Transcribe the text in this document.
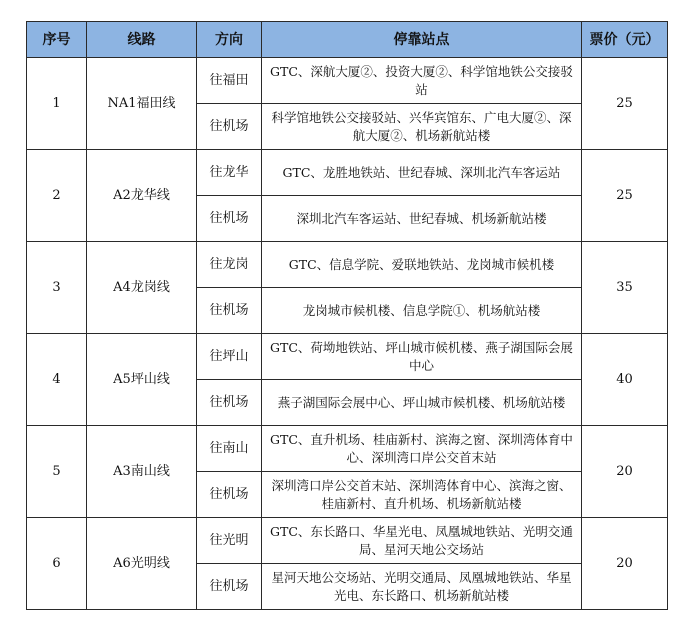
序号	线路	方向	停靠站点	票价（元）
1	NA1福田线	往福田	GTC、深航大厦②、投资大厦②、科学馆地铁公交接驳站	25
		往机场	科学馆地铁公交接驳站、兴华宾馆东、广电大厦②、深航大厦②、机场新航站楼	
2	A2龙华线	往龙华	GTC、龙胜地铁站、世纪春城、深圳北汽车客运站	25
		往机场	深圳北汽车客运站、世纪春城、机场新航站楼	
3	A4龙岗线	往龙岗	GTC、信息学院、爱联地铁站、龙岗城市候机楼	35
		往机场	龙岗城市候机楼、信息学院①、机场航站楼	
4	A5坪山线	往坪山	GTC、荷坳地铁站、坪山城市候机楼、燕子湖国际会展中心	40
		往机场	燕子湖国际会展中心、坪山城市候机楼、机场航站楼	
5	A3南山线	往南山	GTC、直升机场、桂庙新村、滨海之窗、深圳湾体育中心、深圳湾口岸公交首末站	20
		往机场	深圳湾口岸公交首末站、深圳湾体育中心、滨海之窗、桂庙新村、直升机场、机场新航站楼	
6	A6光明线	往光明	GTC、东长路口、华星光电、凤凰城地铁站、光明交通局、星河天地公交场站	20
		往机场	星河天地公交场站、光明交通局、凤凰城地铁站、华星光电、东长路口、机场新航站楼	
